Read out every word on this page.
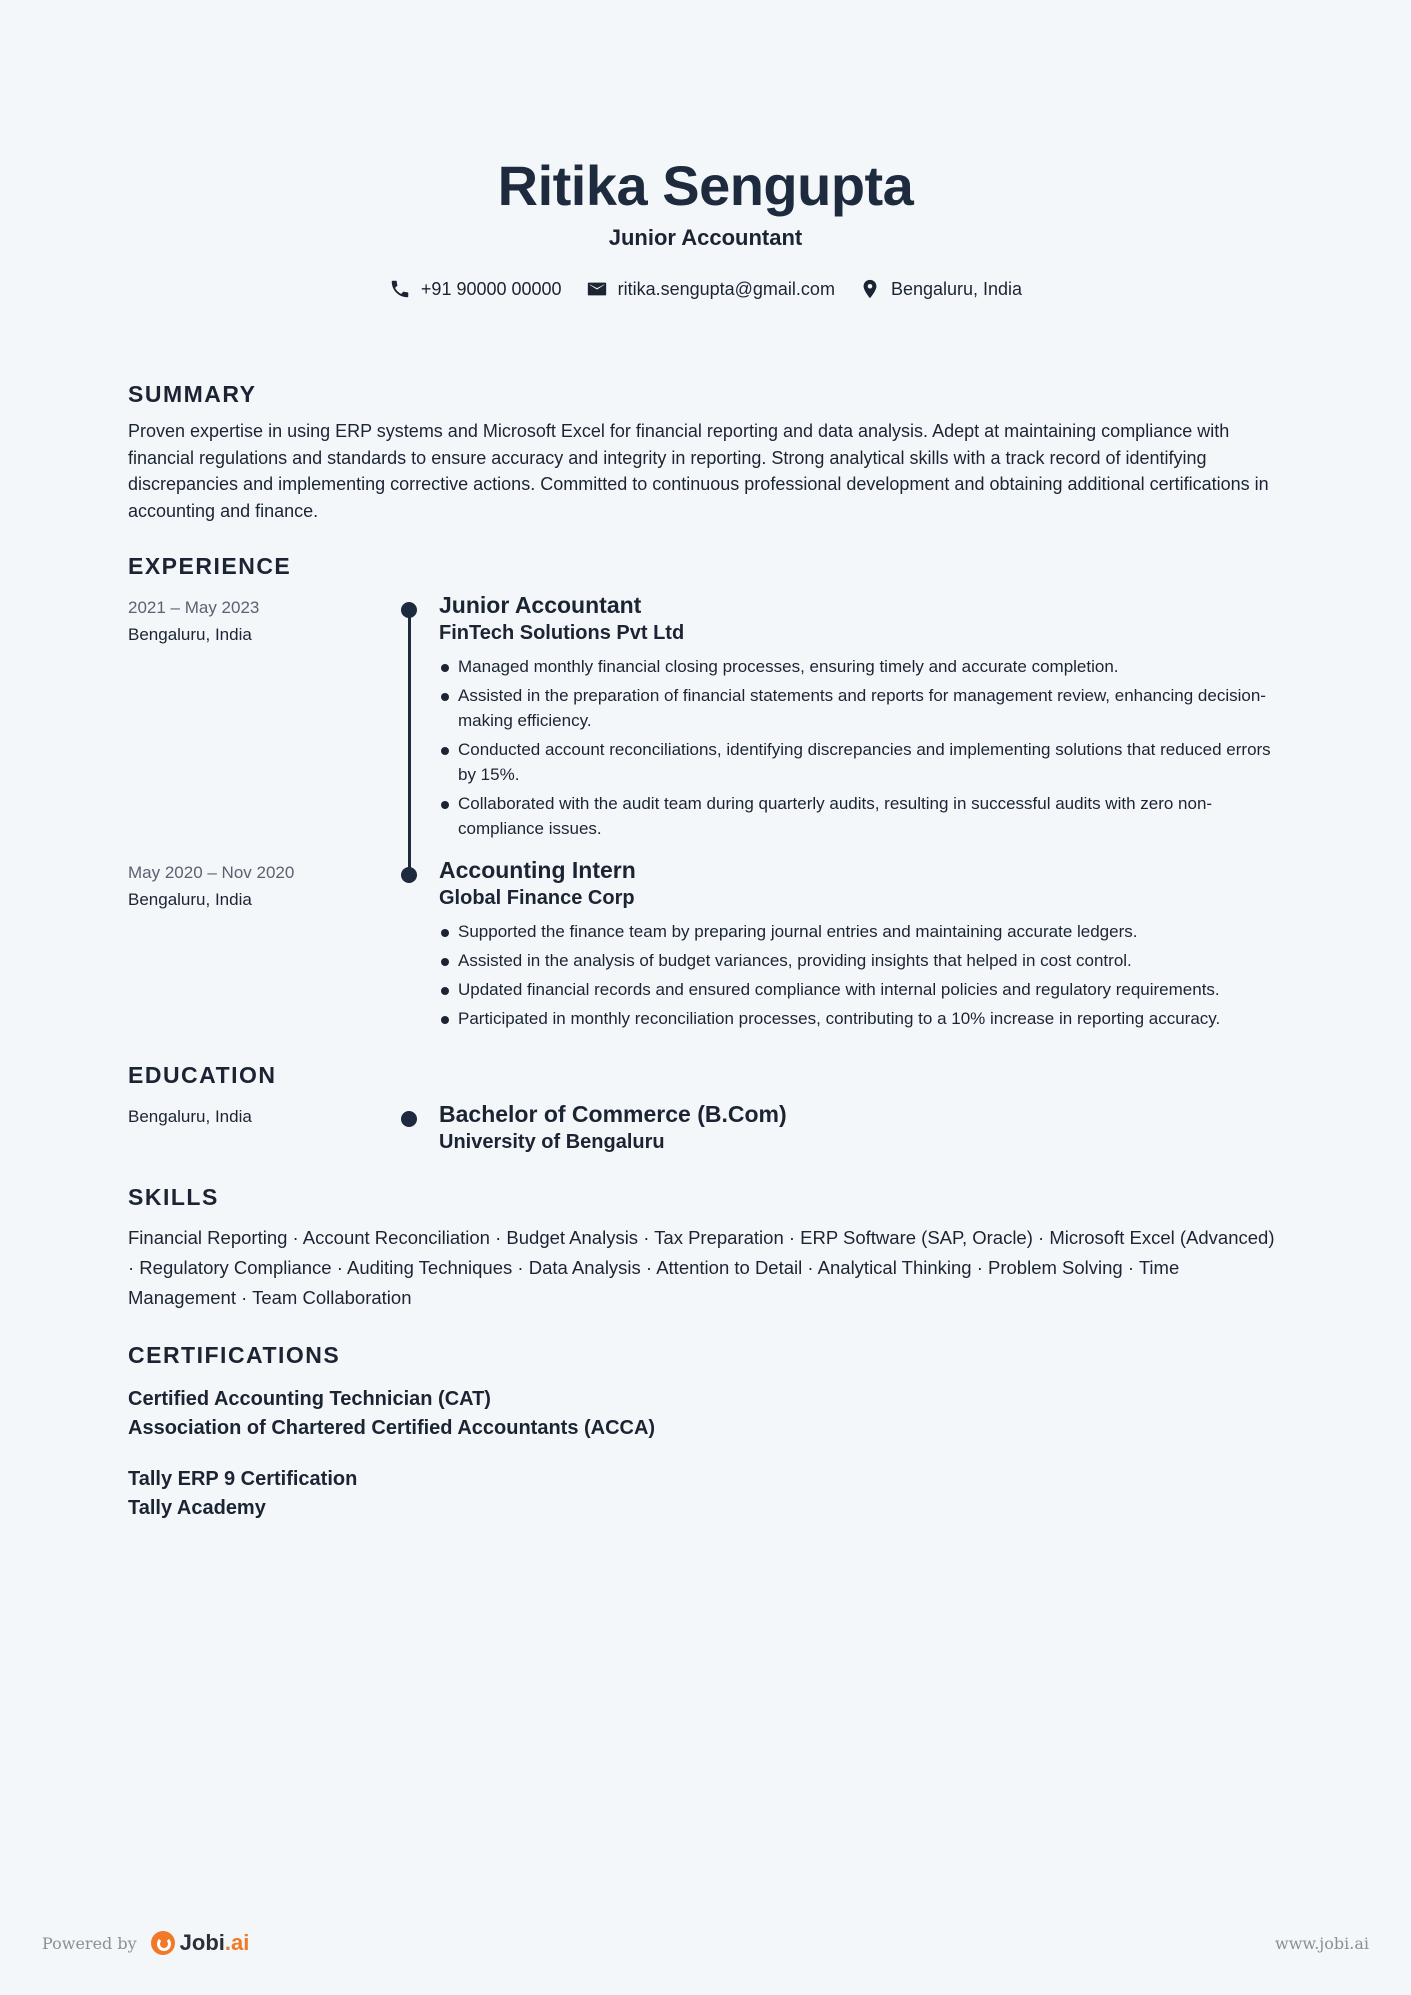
Ritika Sengupta
Junior Accountant
+91 90000 00000	ritika.sengupta@gmail.com	Bengaluru, India
SUMMARY

Proven expertise in using ERP systems and Microsoft Excel for financial reporting and data analysis. Adept at maintaining compliance with financial regulations and standards to ensure accuracy and integrity in reporting. Strong analytical skills with a track record of identifying discrepancies and implementing corrective actions. Committed to continuous professional development and obtaining additional certifications in accounting and finance.

EXPERIENCE
2021 – May 2023
Bengaluru, India
Junior Accountant
FinTech Solutions Pvt Ltd
Managed monthly financial closing processes, ensuring timely and accurate completion.
Assisted in the preparation of financial statements and reports for management review, enhancing decision-making efficiency.
Conducted account reconciliations, identifying discrepancies and implementing solutions that reduced errors by 15%.
Collaborated with the audit team during quarterly audits, resulting in successful audits with zero non-compliance issues.
May 2020 – Nov 2020
Bengaluru, India
Accounting Intern
Global Finance Corp
Supported the finance team by preparing journal entries and maintaining accurate ledgers.
Assisted in the analysis of budget variances, providing insights that helped in cost control.
Updated financial records and ensured compliance with internal policies and regulatory requirements.
Participated in monthly reconciliation processes, contributing to a 10% increase in reporting accuracy.
EDUCATION
Bengaluru, India	Bachelor of Commerce (B.Com)
University of Bengaluru
SKILLS

Financial Reporting · Account Reconciliation · Budget Analysis · Tax Preparation · ERP Software (SAP, Oracle) · Microsoft Excel (Advanced) · Regulatory Compliance · Auditing Techniques · Data Analysis · Attention to Detail · Analytical Thinking · Problem Solving · Time Management · Team Collaboration

CERTIFICATIONS
Certified Accounting Technician (CAT)
Association of Chartered Certified Accountants (ACCA)
Tally ERP 9 Certification
Tally Academy
Powered by Jobi.ai	www.jobi.ai
